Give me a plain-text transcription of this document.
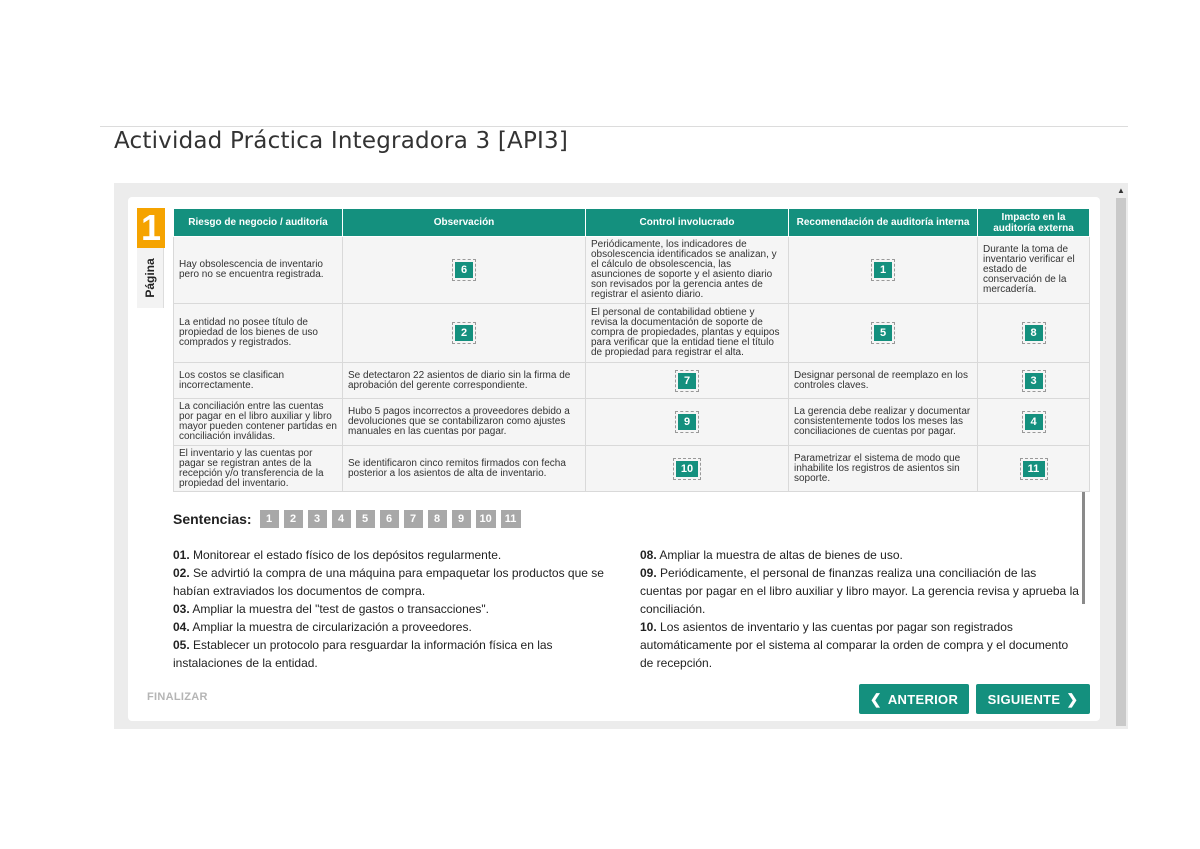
Actividad Práctica Integradora 3 [API3]
▲
1
Página
Riesgo de negocio / auditoría	Observación	Control involucrado	Recomendación de auditoría interna	Impacto en la auditoría externa
Hay obsolescencia de inventario pero no se encuentra registrada.	6	Periódicamente, los indicadores de obsolescencia identificados se analizan, y el cálculo de obsolescencia, las asunciones de soporte y el asiento diario son revisados por la gerencia antes de registrar el asiento diario.	1	Durante la toma de inventario verificar el estado de conservación de la mercadería.
La entidad no posee título de propiedad de los bienes de uso comprados y registrados.	2	El personal de contabilidad obtiene y revisa la documentación de soporte de compra de propiedades, plantas y equipos para verificar que la entidad tiene el título de propiedad para registrar el alta.	5	8

Los costos se clasifican incorrectamente.	Se detectaron 22 asientos de diario sin la firma de aprobación del gerente correspondiente.	7	Designar personal de reemplazo en los controles claves.	3

La conciliación entre las cuentas por pagar en el libro auxiliar y libro mayor pueden contener partidas en conciliación inválidas.	Hubo 5 pagos incorrectos a proveedores debido a devoluciones que se contabilizaron como ajustes manuales en las cuentas por pagar.	9	La gerencia debe realizar y documentar consistentemente todos los meses las conciliaciones de cuentas por pagar.	4

El inventario y las cuentas por pagar se registran antes de la recepción y/o transferencia de la propiedad del inventario.	Se identificaron cinco remitos firmados con fecha posterior a los asientos de alta de inventario.	10	Parametrizar el sistema de modo que inhabilite los registros de asientos sin soporte.	11
Sentencias:	1	2	3	4	5	6	7	8	9	10	11
01. Monitorear el estado físico de los depósitos regularmente.
02. Se advirtió la compra de una máquina para empaquetar los productos que se habían extraviados los documentos de compra.
03. Ampliar la muestra del "test de gastos o transacciones".
04. Ampliar la muestra de circularización a proveedores.
05. Establecer un protocolo para resguardar la información física en las instalaciones de la entidad.
08. Ampliar la muestra de altas de bienes de uso.
09. Periódicamente, el personal de finanzas realiza una conciliación de las cuentas por pagar en el libro auxiliar y libro mayor. La gerencia revisa y aprueba la conciliación.
10. Los asientos de inventario y las cuentas por pagar son registrados automáticamente por el sistema al comparar la orden de compra y el documento de recepción.
FINALIZAR	❮ ANTERIOR SIGUIENTE ❯
